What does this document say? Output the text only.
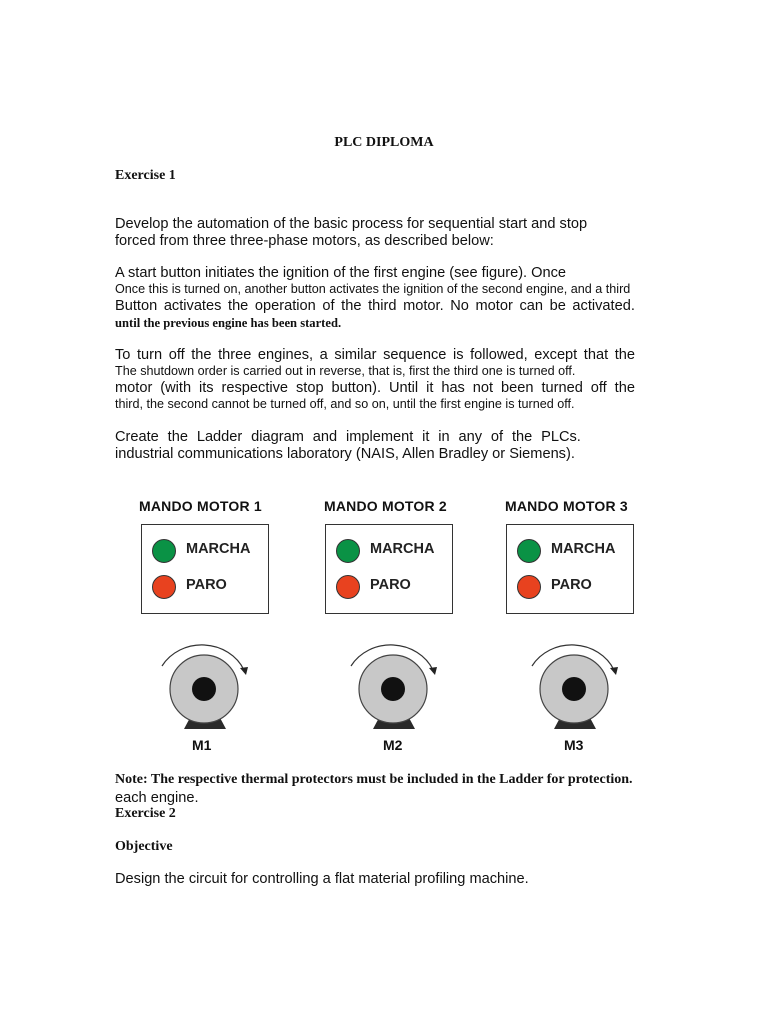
PLC DIPLOMA
Exercise 1
Develop the automation of the basic process for sequential start and stop
forced from three three-phase motors, as described below:
A start button initiates the ignition of the first engine (see figure). Once
Once this is turned on, another button activates the ignition of the second engine, and a third
Button activates the operation of the third motor. No motor can be activated.
until the previous engine has been started.
To turn off the three engines, a similar sequence is followed, except that the
The shutdown order is carried out in reverse, that is, first the third one is turned off.
motor (with its respective stop button). Until it has not been turned off the
third, the second cannot be turned off, and so on, until the first engine is turned off.
Create the Ladder diagram and implement it in any of the PLCs.
industrial communications laboratory (NAIS, Allen Bradley or Siemens).
MANDO MOTOR 1	MANDO MOTOR 2	MANDO MOTOR 3
MARCHA
PARO
MARCHA
PARO
MARCHA
PARO
M1	M2	M3
Note: The respective thermal protectors must be included in the Ladder for protection.
each engine.
Exercise 2
Objective
Design the circuit for controlling a flat material profiling machine.
